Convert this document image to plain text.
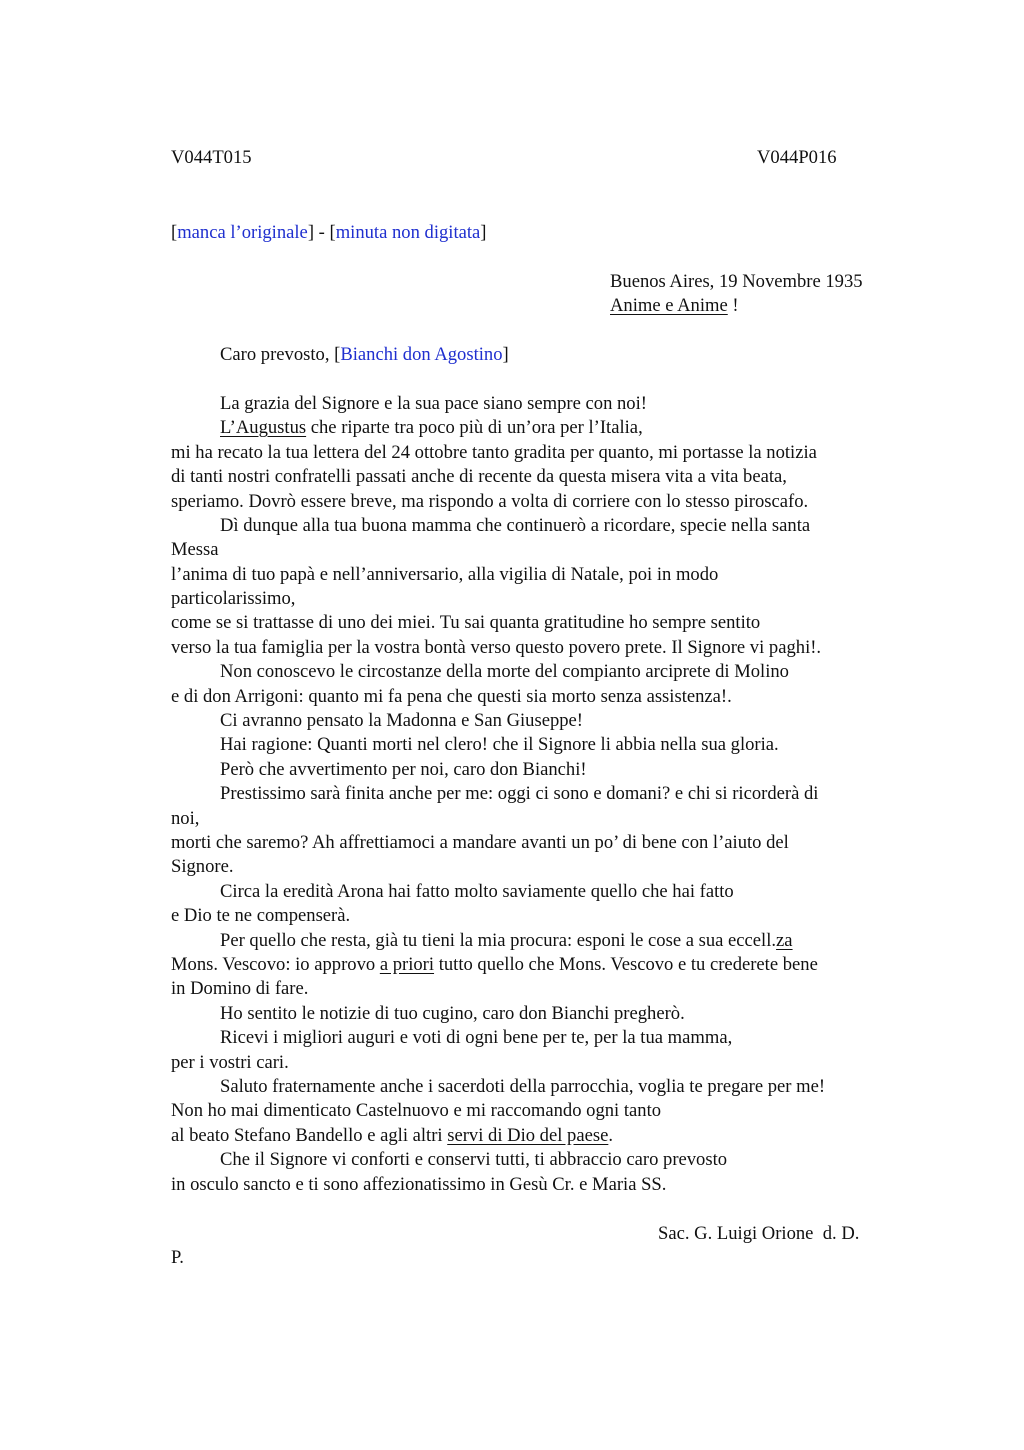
V044T015	V044P016
[manca l’originale] - [minuta non digitata]
Buenos Aires, 19 Novembre 1935
Anime e Anime !
Caro prevosto, [Bianchi don Agostino]
La grazia del Signore e la sua pace siano sempre con noi!
L’Augustus che riparte tra poco più di un’ora per l’Italia,
mi ha recato la tua lettera del 24 ottobre tanto gradita per quanto, mi portasse la notizia
di tanti nostri confratelli passati anche di recente da questa misera vita a vita beata,
speriamo. Dovrò essere breve, ma rispondo a volta di corriere con lo stesso piroscafo.
Dì dunque alla tua buona mamma che continuerò a ricordare, specie nella santa
Messa
l’anima di tuo papà e nell’anniversario, alla vigilia di Natale, poi in modo
particolarissimo,
come se si trattasse di uno dei miei. Tu sai quanta gratitudine ho sempre sentito
verso la tua famiglia per la vostra bontà verso questo povero prete. Il Signore vi paghi!.
Non conoscevo le circostanze della morte del compianto arciprete di Molino
e di don Arrigoni: quanto mi fa pena che questi sia morto senza assistenza!.
Ci avranno pensato la Madonna e San Giuseppe!
Hai ragione: Quanti morti nel clero! che il Signore li abbia nella sua gloria.
Però che avvertimento per noi, caro don Bianchi!
Prestissimo sarà finita anche per me: oggi ci sono e domani? e chi si ricorderà di
noi,
morti che saremo? Ah affrettiamoci a mandare avanti un po’ di bene con l’aiuto del
Signore.
Circa la eredità Arona hai fatto molto saviamente quello che hai fatto
e Dio te ne compenserà.
Per quello che resta, già tu tieni la mia procura: esponi le cose a sua eccell.za
Mons. Vescovo: io approvo a priori tutto quello che Mons. Vescovo e tu crederete bene
in Domino di fare.
Ho sentito le notizie di tuo cugino, caro don Bianchi pregherò.
Ricevi i migliori auguri e voti di ogni bene per te, per la tua mamma,
per i vostri cari.
Saluto fraternamente anche i sacerdoti della parrocchia, voglia te pregare per me!
Non ho mai dimenticato Castelnuovo e mi raccomando ogni tanto
al beato Stefano Bandello e agli altri servi di Dio del paese.
Che il Signore vi conforti e conservi tutti, ti abbraccio caro prevosto
in osculo sancto e ti sono affezionatissimo in Gesù Cr. e Maria SS.
Sac. G. Luigi Orione  d. D.
P.
